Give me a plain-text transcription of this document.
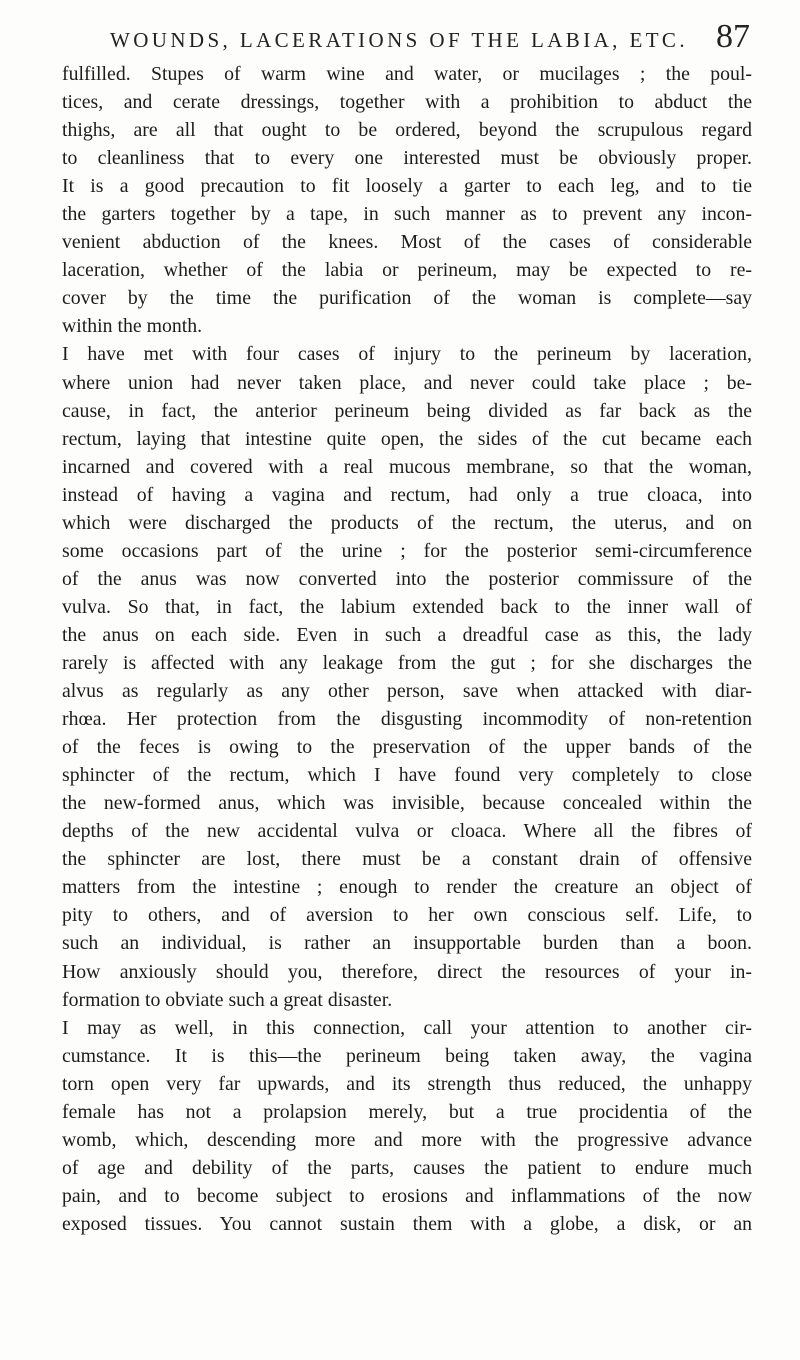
WOUNDS, LACERATIONS OF THE LABIA, ETC. 87
fulfilled. Stupes of warm wine and water, or mucilages ; the poul-
tices, and cerate dressings, together with a prohibition to abduct the
thighs, are all that ought to be ordered, beyond the scrupulous regard
to cleanliness that to every one interested must be obviously proper.
It is a good precaution to fit loosely a garter to each leg, and to tie
the garters together by a tape, in such manner as to prevent any incon-
venient abduction of the knees. Most of the cases of considerable
laceration, whether of the labia or perineum, may be expected to re-
cover by the time the purification of the woman is complete—say
within the month.
I have met with four cases of injury to the perineum by laceration,
where union had never taken place, and never could take place ; be-
cause, in fact, the anterior perineum being divided as far back as the
rectum, laying that intestine quite open, the sides of the cut became each
incarned and covered with a real mucous membrane, so that the woman,
instead of having a vagina and rectum, had only a true cloaca, into
which were discharged the products of the rectum, the uterus, and on
some occasions part of the urine ; for the posterior semi-circumference
of the anus was now converted into the posterior commissure of the
vulva. So that, in fact, the labium extended back to the inner wall of
the anus on each side. Even in such a dreadful case as this, the lady
rarely is affected with any leakage from the gut ; for she discharges the
alvus as regularly as any other person, save when attacked with diar-
rhœa. Her protection from the disgusting incommodity of non-retention
of the feces is owing to the preservation of the upper bands of the
sphincter of the rectum, which I have found very completely to close
the new-formed anus, which was invisible, because concealed within the
depths of the new accidental vulva or cloaca. Where all the fibres of
the sphincter are lost, there must be a constant drain of offensive
matters from the intestine ; enough to render the creature an object of
pity to others, and of aversion to her own conscious self. Life, to
such an individual, is rather an insupportable burden than a boon.
How anxiously should you, therefore, direct the resources of your in-
formation to obviate such a great disaster.
I may as well, in this connection, call your attention to another cir-
cumstance. It is this—the perineum being taken away, the vagina
torn open very far upwards, and its strength thus reduced, the unhappy
female has not a prolapsion merely, but a true procidentia of the
womb, which, descending more and more with the progressive advance
of age and debility of the parts, causes the patient to endure much
pain, and to become subject to erosions and inflammations of the now
exposed tissues. You cannot sustain them with a globe, a disk, or an
